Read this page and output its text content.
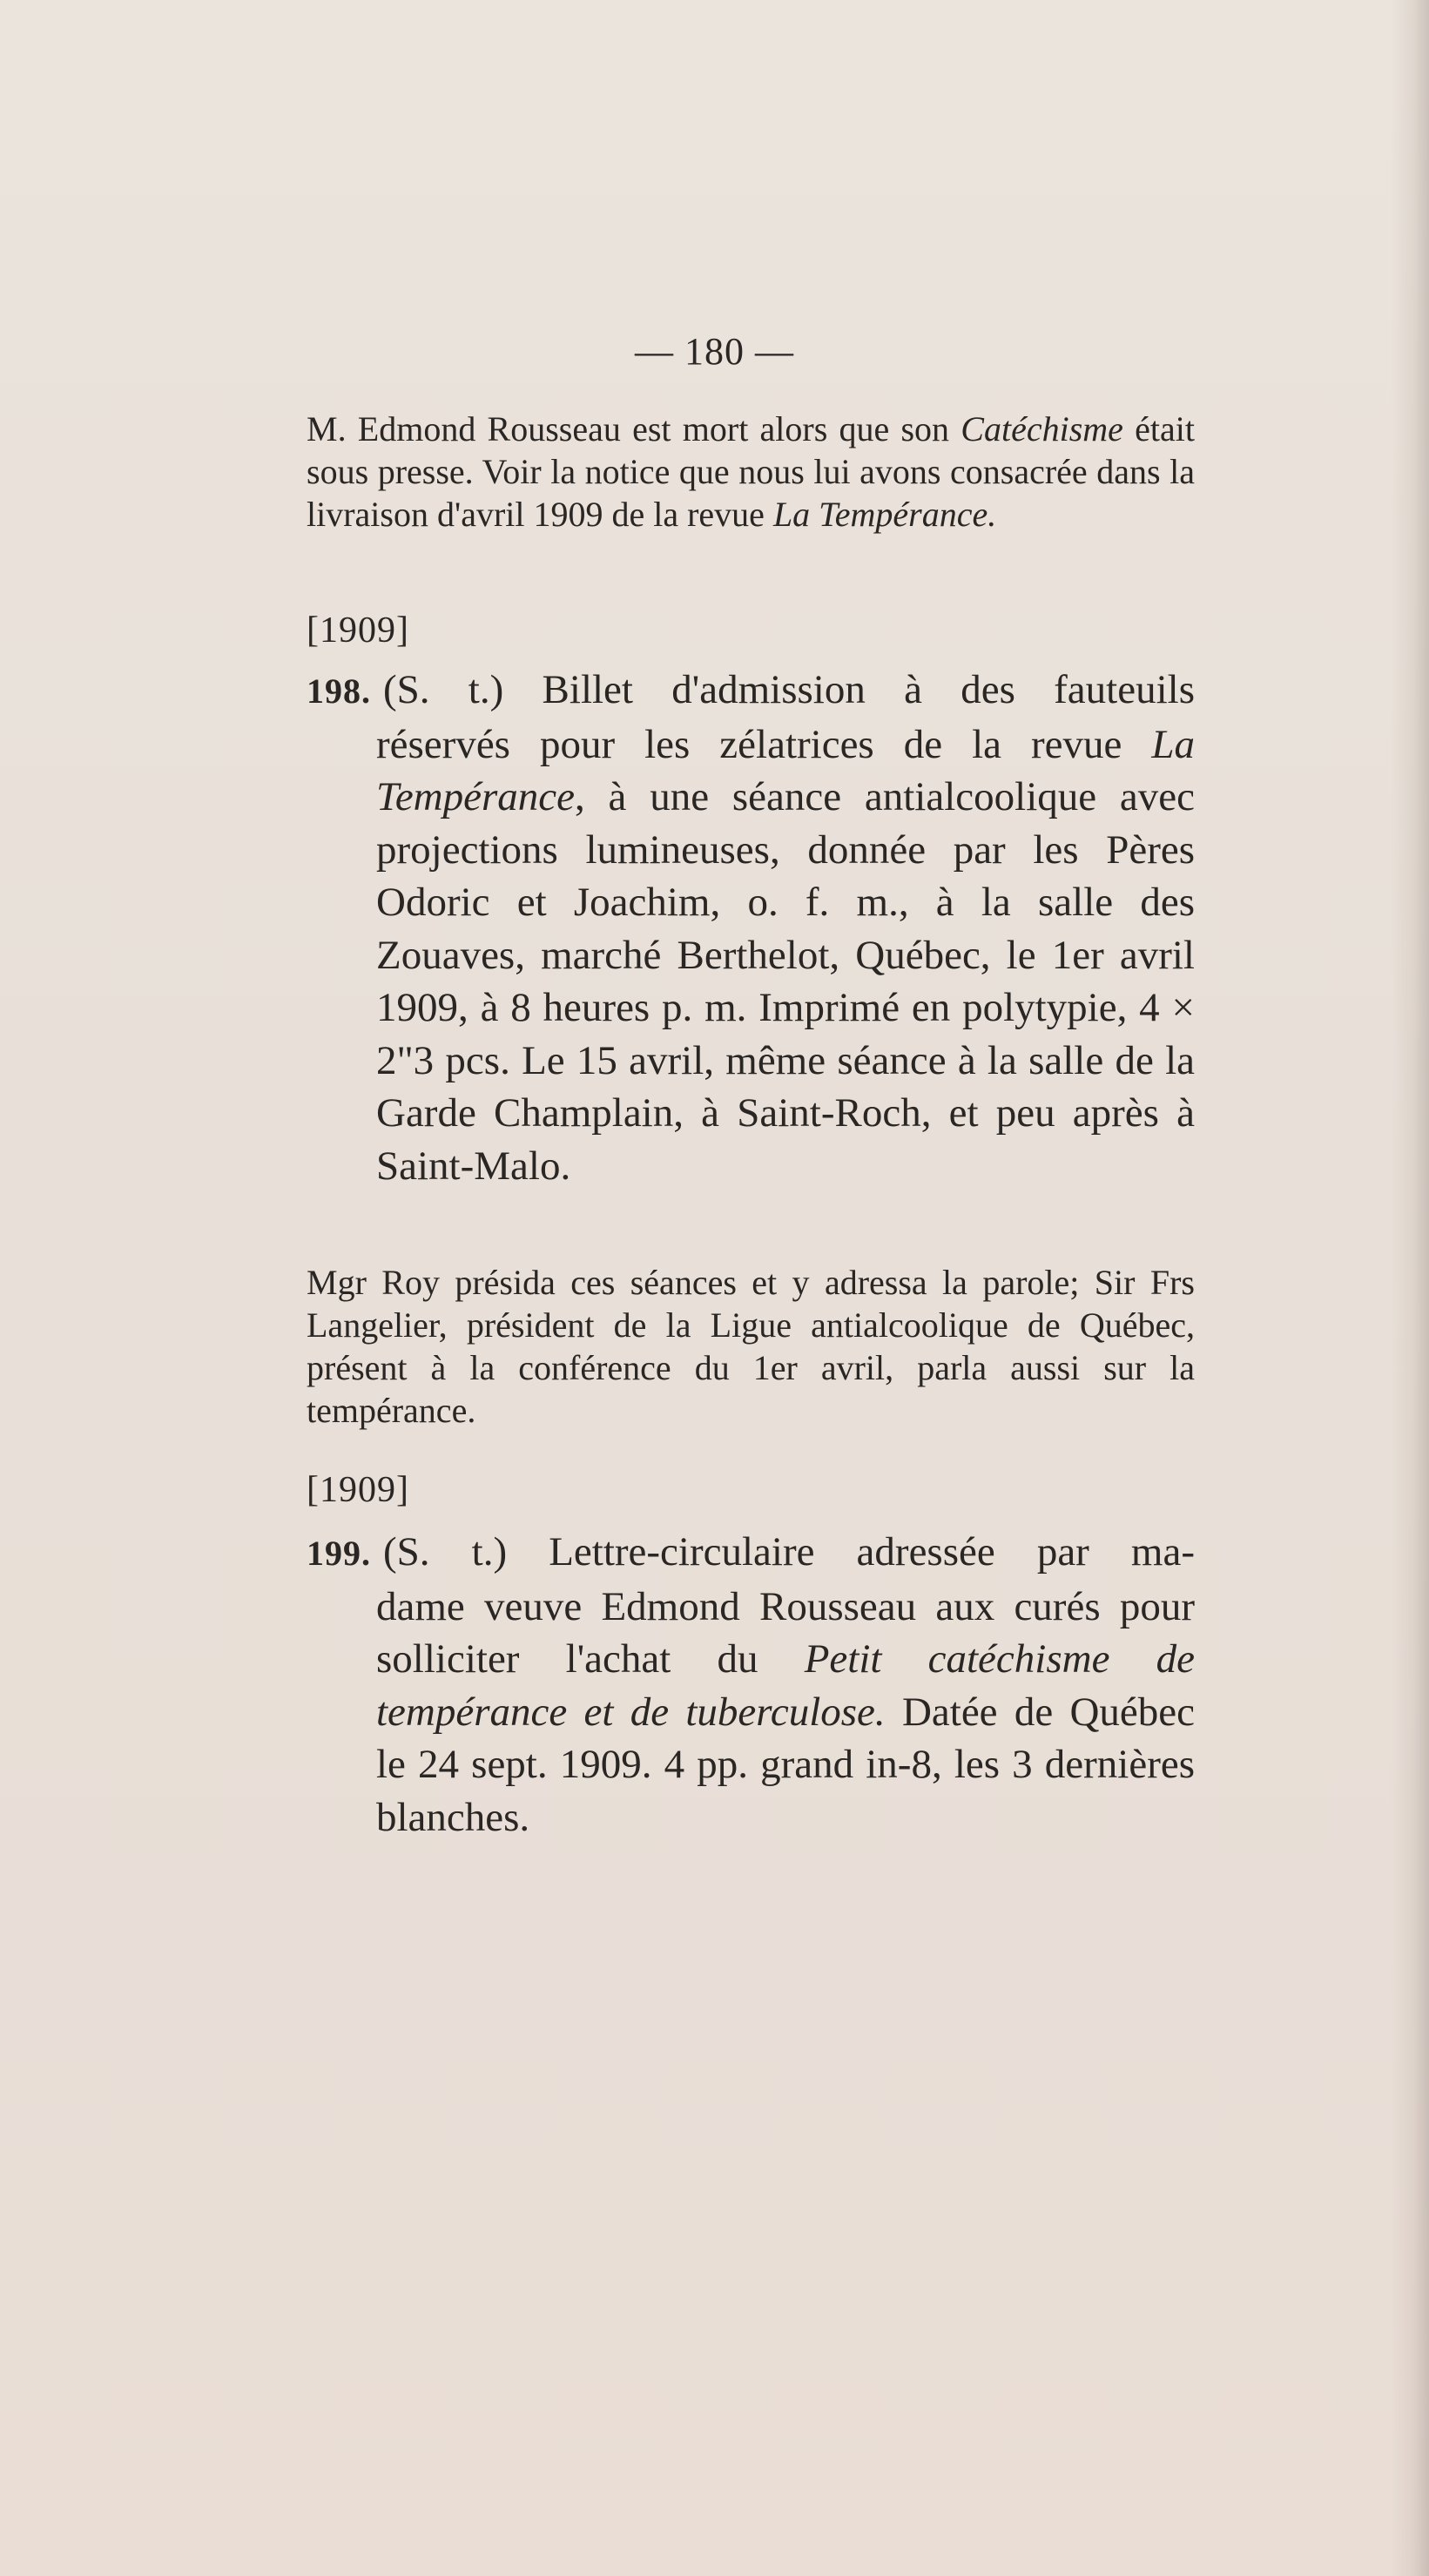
— 180 —
M. Edmond Rousseau est mort alors que son Catéchisme était sous presse. Voir la notice que nous lui avons consacrée dans la livraison d'avril 1909 de la revue La Tempérance.
[1909]
198. (S. t.) Billet d'admission à des fauteuils
réservés pour les zélatrices de la revue La Tempérance, à une séance antialcoolique avec projections lumineuses, donnée par les Pères Odoric et Joachim, o. f. m., à la salle des Zouaves, marché Berthelot, Québec, le 1er avril 1909, à 8 heures p. m. Imprimé en polytypie, 4 × 2"3 pcs. Le 15 avril, même séance à la salle de la Garde Champlain, à Saint-Roch, et peu après à Saint-Malo.
Mgr Roy présida ces séances et y adressa la parole; Sir Frs Langelier, président de la Ligue antialcoolique de Québec, présent à la conférence du 1er avril, parla aussi sur la tempérance.
[1909]
199. (S. t.) Lettre-circulaire adressée par ma-
dame veuve Edmond Rousseau aux curés pour solliciter l'achat du Petit catéchisme de tempérance et de tuberculose. Datée de Québec le 24 sept. 1909. 4 pp. grand in-8, les 3 dernières blanches.
